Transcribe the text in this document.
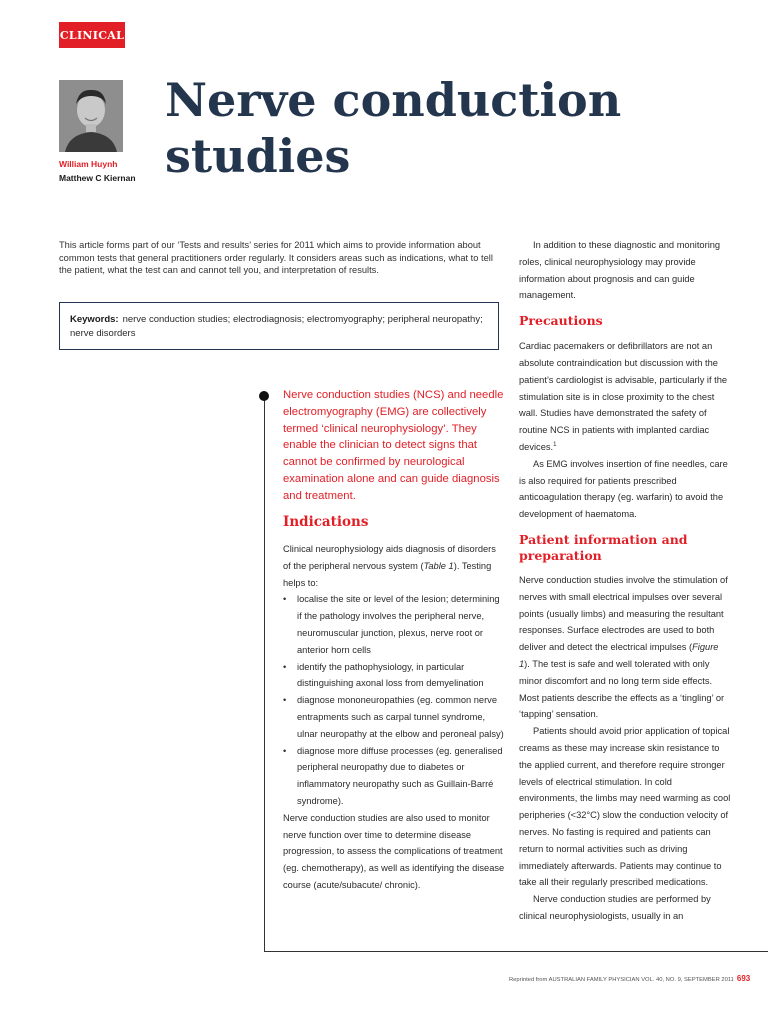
CLINICAL
William Huynh
Matthew C Kiernan
Nerve conduction
studies
This article forms part of our ‘Tests and results’ series for 2011 which aims to provide information about common tests that general practitioners order regularly. It considers areas such as indications, what to tell the patient, what the test can and cannot tell you, and interpretation of results.
Keywords: nerve conduction studies; electrodiagnosis; electromyography; peripheral neuropathy; nerve disorders
Nerve conduction studies (NCS) and needle electromyography (EMG) are collectively termed ‘clinical neurophysiology’. They enable the clinician to detect signs that cannot be confirmed by neurological examination alone and can guide diagnosis and treatment.
Indications
Clinical neurophysiology aids diagnosis of disorders of the peripheral nervous system (Table 1). Testing helps to:
• localise the site or level of the lesion; determining if the pathology involves the peripheral nerve, neuromuscular junction, plexus, nerve root or anterior horn cells
• identify the pathophysiology, in particular distinguishing axonal loss from demyelination
• diagnose mononeuropathies (eg. common nerve entrapments such as carpal tunnel syndrome, ulnar neuropathy at the elbow and peroneal palsy)
• diagnose more diffuse processes (eg. generalised peripheral neuropathy due to diabetes or inflammatory neuropathy such as Guillain-Barré syndrome).
Nerve conduction studies are also used to monitor nerve function over time to determine disease progression, to assess the complications of treatment (eg. chemotherapy), as well as identifying the disease course (acute/subacute/ chronic).
In addition to these diagnostic and monitoring roles, clinical neurophysiology may provide information about prognosis and can guide management.
Precautions
Cardiac pacemakers or defibrillators are not an absolute contraindication but discussion with the patient’s cardiologist is advisable, particularly if the stimulation site is in close proximity to the chest wall. Studies have demonstrated the safety of routine NCS in patients with implanted cardiac devices.$^1$
As EMG involves insertion of fine needles, care is also required for patients prescribed anticoagulation therapy (eg. warfarin) to avoid the development of haematoma.
Patient information and preparation
Nerve conduction studies involve the stimulation of nerves with small electrical impulses over several points (usually limbs) and measuring the resultant responses. Surface electrodes are used to both deliver and detect the electrical impulses (Figure 1). The test is safe and well tolerated with only minor discomfort and no long term side effects. Most patients describe the effects as a ‘tingling’ or ‘tapping’ sensation.
Patients should avoid prior application of topical creams as these may increase skin resistance to the applied current, and therefore require stronger levels of electrical stimulation. In cold environments, the limbs may need warming as cool peripheries (<32°C) slow the conduction velocity of nerves. No fasting is required and patients can return to normal activities such as driving immediately afterwards. Patients may continue to take all their regularly prescribed medications.
Nerve conduction studies are performed by clinical neurophysiologists, usually in an
Reprinted from AUSTRALIAN FAMILY PHYSICIAN VOL. 40, NO. 9, SEPTEMBER 2011 693
